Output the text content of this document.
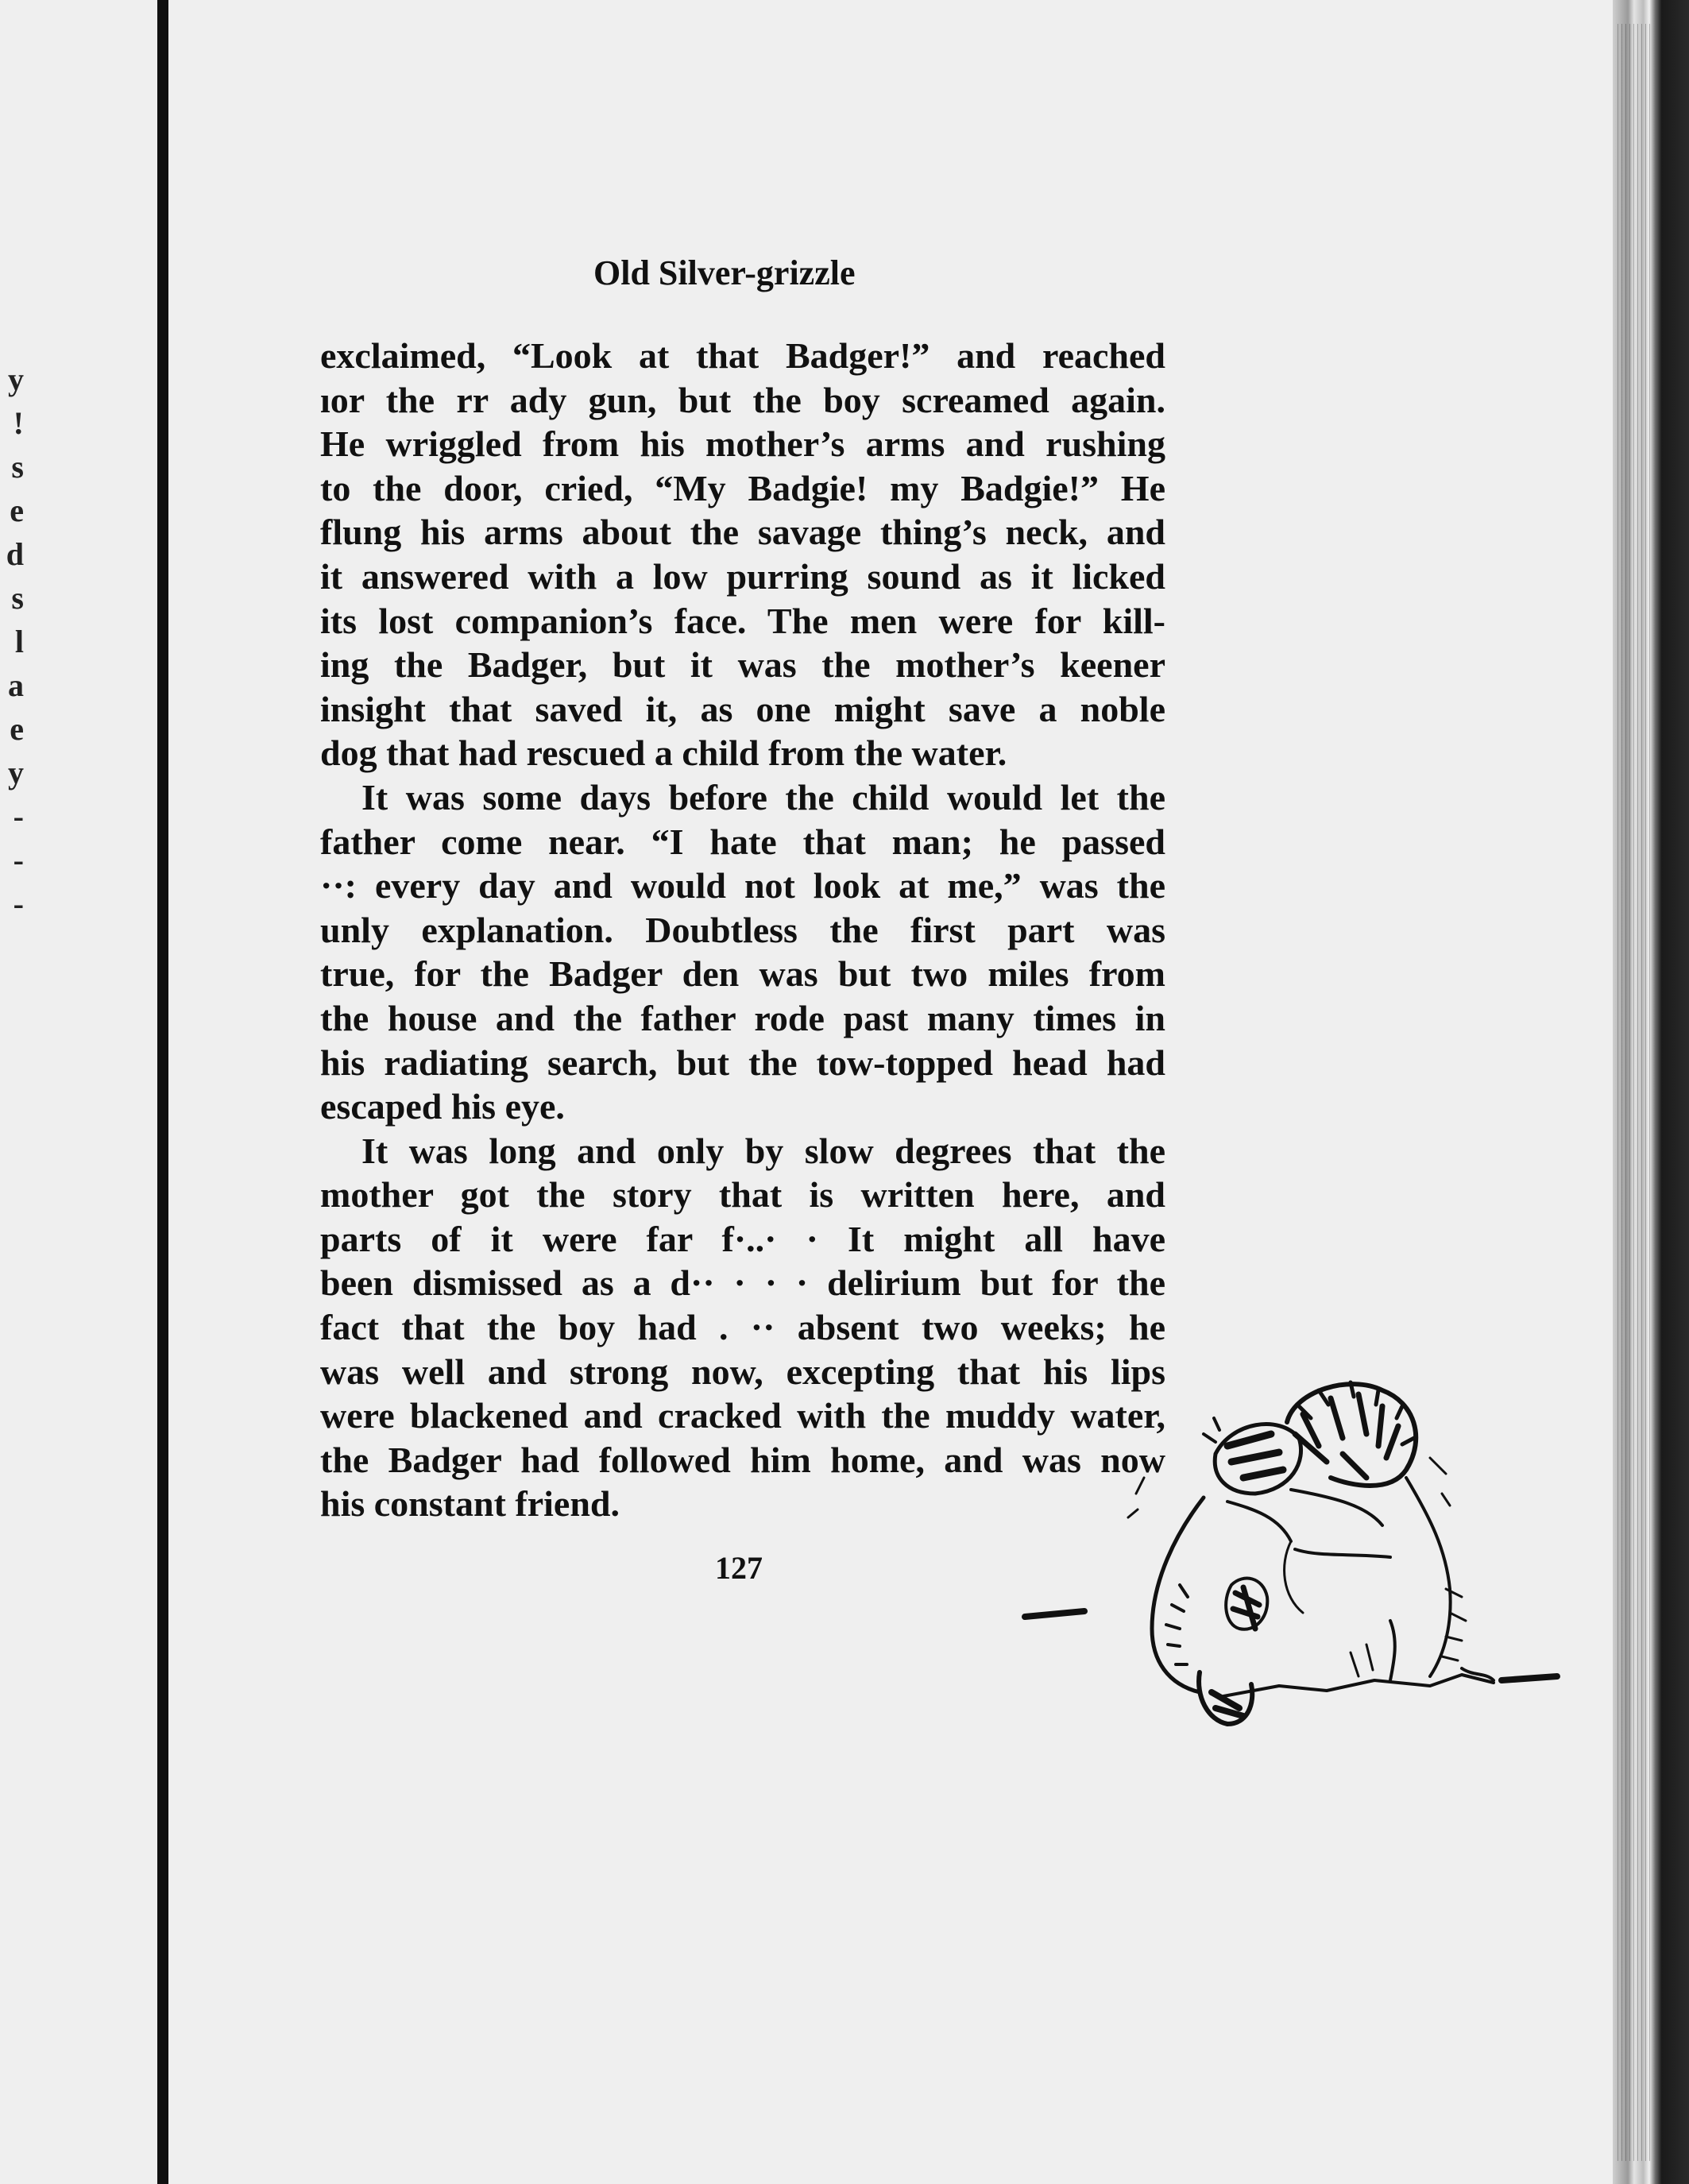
y
!
s
e
d
s
l
a
e
y
-
-
-
Old Silver-grizzle

exclaimed, “Look at that Badger!” and reached
ıor the rr ady gun, but the boy screamed again.
He wriggled from his mother’s arms and rushing
to the door, cried, “My Badgie! my Badgie!” He
flung his arms about the savage thing’s neck, and
it answered with a low purring sound as it licked
its lost companion’s face. The men were for kill-
ing the Badger, but it was the mother’s keener
insight that saved it, as one might save a noble
dog that had rescued a child from the water.

It was some days before the child would let the
father come near. “I hate that man; he passed
··: every day and would not look at me,” was the
unly explanation. Doubtless the first part was
true, for the Badger den was but two miles from
the house and the father rode past many times in
his radiating search, but the tow-topped head had
escaped his eye.

It was long and only by slow degrees that the
mother got the story that is written here, and
parts of it were far f·..· · It might all have
been dismissed as a d·· · · · delirium but for the
fact that the boy had . ·· absent two weeks; he
was well and strong now, excepting that his lips
were blackened and cracked with the muddy water,
the Badger had followed him home, and was now
his constant friend.

127
